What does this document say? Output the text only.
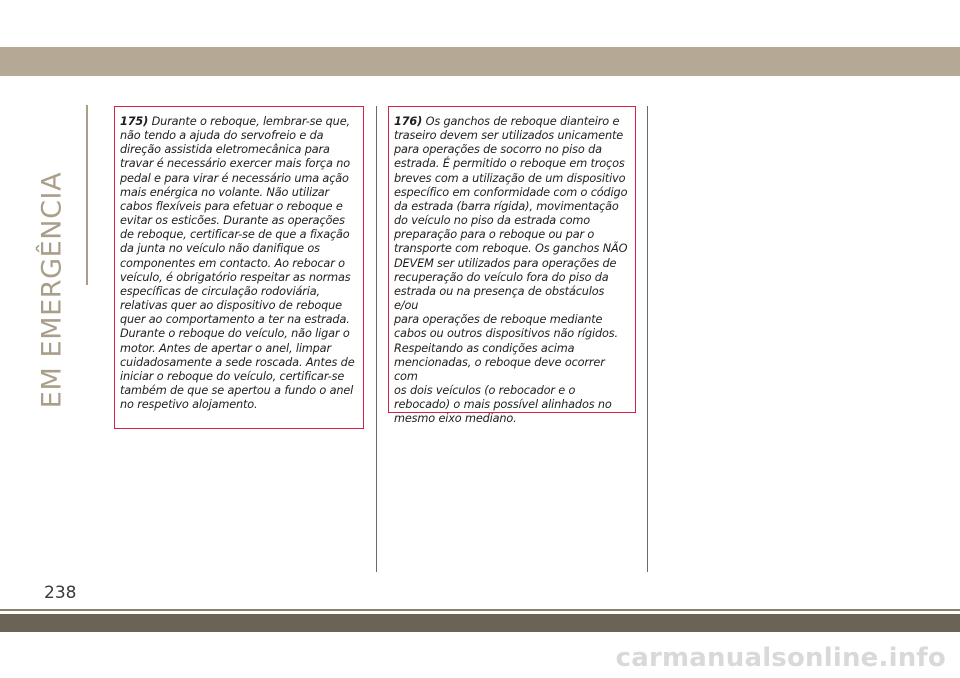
EM EMERGÊNCIA
175) Durante o reboque, lembrar-se que,
não tendo a ajuda do servofreio e da
direção assistida eletromecânica para
travar é necessário exercer mais força no
pedal e para virar é necessário uma ação
mais enérgica no volante. Não utilizar
cabos flexíveis para efetuar o reboque e
evitar os esticões. Durante as operações
de reboque, certificar-se de que a fixação
da junta no veículo não danifique os
componentes em contacto. Ao rebocar o
veículo, é obrigatório respeitar as normas
específicas de circulação rodoviária,
relativas quer ao dispositivo de reboque
quer ao comportamento a ter na estrada.
Durante o reboque do veículo, não ligar o
motor. Antes de apertar o anel, limpar
cuidadosamente a sede roscada. Antes de
iniciar o reboque do veículo, certificar-se
também de que se apertou a fundo o anel
no respetivo alojamento.
176) Os ganchos de reboque dianteiro e
traseiro devem ser utilizados unicamente
para operações de socorro no piso da
estrada. É permitido o reboque em troços
breves com a utilização de um dispositivo
específico em conformidade com o código
da estrada (barra rígida), movimentação
do veículo no piso da estrada como
preparação para o reboque ou par o
transporte com reboque. Os ganchos NÃO
DEVEM ser utilizados para operações de
recuperação do veículo fora do piso da
estrada ou na presença de obstáculos e/ou
para operações de reboque mediante
cabos ou outros dispositivos não rígidos.
Respeitando as condições acima
mencionadas, o reboque deve ocorrer com
os dois veículos (o rebocador e o
rebocado) o mais possível alinhados no
mesmo eixo mediano.
238
carmanualsonline.info
